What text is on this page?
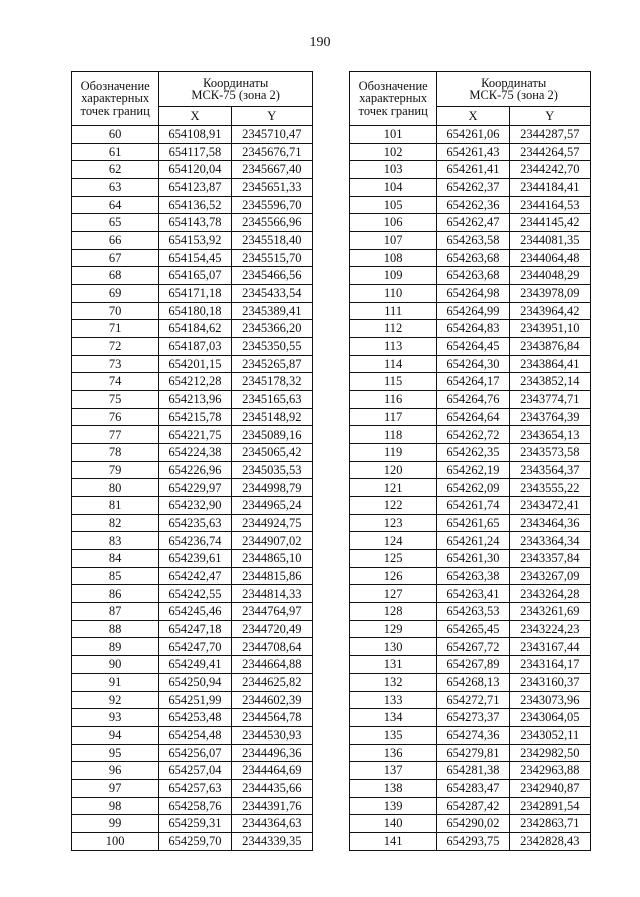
190
Обозначение
характерных
точек границ	Координаты
МСК-75 (зона 2)	
	X	Y
60	654108,91	2345710,47
61	654117,58	2345676,71
62	654120,04	2345667,40
63	654123,87	2345651,33
64	654136,52	2345596,70
65	654143,78	2345566,96
66	654153,92	2345518,40
67	654154,45	2345515,70
68	654165,07	2345466,56
69	654171,18	2345433,54
70	654180,18	2345389,41
71	654184,62	2345366,20
72	654187,03	2345350,55
73	654201,15	2345265,87
74	654212,28	2345178,32
75	654213,96	2345165,63
76	654215,78	2345148,92
77	654221,75	2345089,16
78	654224,38	2345065,42
79	654226,96	2345035,53
80	654229,97	2344998,79
81	654232,90	2344965,24
82	654235,63	2344924,75
83	654236,74	2344907,02
84	654239,61	2344865,10
85	654242,47	2344815,86
86	654242,55	2344814,33
87	654245,46	2344764,97
88	654247,18	2344720,49
89	654247,70	2344708,64
90	654249,41	2344664,88
91	654250,94	2344625,82
92	654251,99	2344602,39
93	654253,48	2344564,78
94	654254,48	2344530,93
95	654256,07	2344496,36
96	654257,04	2344464,69
97	654257,63	2344435,66
98	654258,76	2344391,76
99	654259,31	2344364,63
100	654259,70	2344339,35
Обозначение
характерных
точек границ	Координаты
МСК-75 (зона 2)	
	X	Y
101	654261,06	2344287,57
102	654261,43	2344264,57
103	654261,41	2344242,70
104	654262,37	2344184,41
105	654262,36	2344164,53
106	654262,47	2344145,42
107	654263,58	2344081,35
108	654263,68	2344064,48
109	654263,68	2344048,29
110	654264,98	2343978,09
111	654264,99	2343964,42
112	654264,83	2343951,10
113	654264,45	2343876,84
114	654264,30	2343864,41
115	654264,17	2343852,14
116	654264,76	2343774,71
117	654264,64	2343764,39
118	654262,72	2343654,13
119	654262,35	2343573,58
120	654262,19	2343564,37
121	654262,09	2343555,22
122	654261,74	2343472,41
123	654261,65	2343464,36
124	654261,24	2343364,34
125	654261,30	2343357,84
126	654263,38	2343267,09
127	654263,41	2343264,28
128	654263,53	2343261,69
129	654265,45	2343224,23
130	654267,72	2343167,44
131	654267,89	2343164,17
132	654268,13	2343160,37
133	654272,71	2343073,96
134	654273,37	2343064,05
135	654274,36	2343052,11
136	654279,81	2342982,50
137	654281,38	2342963,88
138	654283,47	2342940,87
139	654287,42	2342891,54
140	654290,02	2342863,71
141	654293,75	2342828,43
